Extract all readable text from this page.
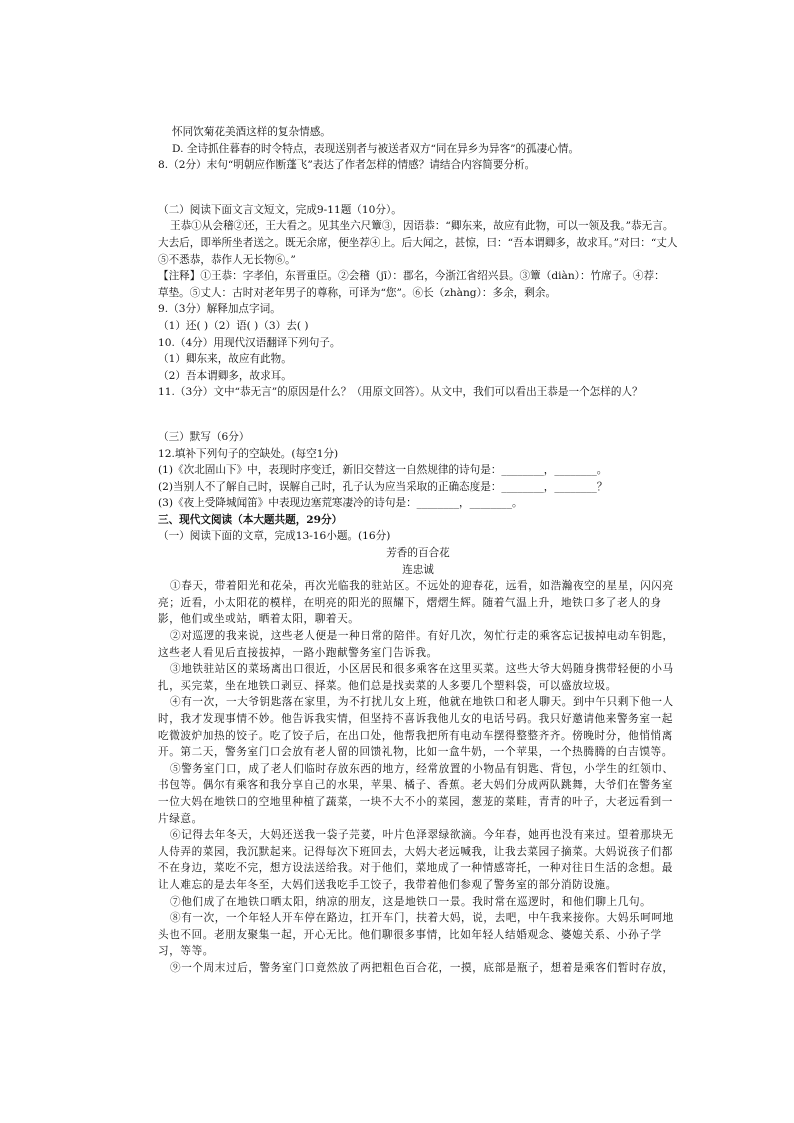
怀同饮菊花美酒这样的复杂情感。

D. 全诗抓住暮春的时令特点，表现送别者与被送者双方“同在异乡为异客”的孤凄心情。

8.（2分）末句“明朝应作断蓬飞”表达了作者怎样的情感？请结合内容简要分析。

（二）阅读下面文言文短文，完成9-11题（10分）。

王恭①从会稽②还，王大看之。见其坐六尺簟③，因语恭：“卿东来，故应有此物，可以一领及我。”恭无言。大去后，即举所坐者送之。既无余席，便坐荐④上。后大闻之，甚惊，曰：“吾本谓卿多，故求耳。”对曰：“丈人⑤不悉恭，恭作人无长物⑥。”

【注释】①王恭：字孝伯，东晋重臣。②会稽（jī）：郡名，今浙江省绍兴县。③簟（diàn）：竹席子。④荐：

草垫。⑤丈人：古时对老年男子的尊称，可译为“您”。⑥长（zhàng）：多余，剩余。

9.（3分）解释加点字词。

（1）还( )（2）语( )（3）去( )

10.（4分）用现代汉语翻译下列句子。

（1）卿东来，故应有此物。

（2）吾本谓卿多，故求耳。

11.（3分）文中“恭无言”的原因是什么？（用原文回答）。从文中，我们可以看出王恭是一个怎样的人？

（三）默写（6分）

12.填补下列句子的空缺处。(每空1分)

(1)《次北固山下》中，表现时序变迁，新旧交替这一自然规律的诗句是：________，________。

(2)当别人不了解自己时，误解自己时，孔子认为应当采取的正确态度是：________，________？

(3)《夜上受降城闻笛》中表现边塞荒寒凄冷的诗句是：________，________。

三、现代文阅读（本大题共题，29分）

（一）阅读下面的文章，完成13-16小题。(16分)

芳香的百合花

连忠诚

①春天，带着阳光和花朵，再次光临我的驻站区。不远处的迎春花，远看，如浩瀚夜空的星星，闪闪亮亮；近看，小太阳花的模样，在明亮的阳光的照耀下，熠熠生辉。随着气温上升，地铁口多了老人的身影，他们或坐或站，晒着太阳，聊着天。

②对巡逻的我来说，这些老人便是一种日常的陪伴。有好几次，匆忙行走的乘客忘记拔掉电动车钥匙，这些老人看见后直接拔掉，一路小跑献警务室门告诉我。

③地铁驻站区的菜场离出口很近，小区居民和很多乘客在这里买菜。这些大爷大妈随身携带轻便的小马扎，买完菜，坐在地铁口剥豆、择菜。他们总是找卖菜的人多要几个塑料袋，可以盛放垃圾。

④有一次，一大爷钥匙落在家里，为不打扰儿女上班，他就在地铁口和老人聊天。到中午只剩下他一人时，我才发现事情不妙。他告诉我实情，但坚持不喜诉我他儿女的电话号码。我只好邀请他来警务室一起吃微波炉加热的饺子。吃了饺子后，在出口处，他帮我把所有电动车摆得整整齐齐。傍晚时分，他悄悄离开。第二天，警务室门口会放有老人留的回馈礼物，比如一盒牛奶，一个苹果，一个热腾腾的白吉馍等。

⑤警务室门口，成了老人们临时存放东西的地方，经常放置的小物品有钥匙、背包，小学生的红领巾、书包等。偶尔有乘客和我分享自己的水果，苹果、橘子、香蕉。老大妈们分成两队跳舞，大爷们在警务室一位大妈在地铁口的空地里种植了蔬菜，一块不大不小的菜园，葱茏的菜畦，青青的叶子，大老远看到一片绿意。

⑥记得去年冬天，大妈还送我一袋子芫荽，叶片色泽翠绿欲滴。今年春，她再也没有来过。望着那块无人侍弄的菜园，我沉默起来。记得每次下班回去，大妈大老远喊我，让我去菜园子摘菜。大妈说孩子们都不在身边，菜吃不完，想方设法送给我。对于他们，菜地成了一种情感寄托，一种对往日生活的念想。最让人难忘的是去年冬至，大妈们送我吃手工饺子，我带着他们参观了警务室的部分消防设施。

⑦他们成了在地铁口晒太阳，纳凉的朋友，这是地铁口一景。我时常在巡逻时，和他们聊上几句。

⑧有一次，一个年轻人开车停在路边，扛开车门，扶着大妈，说，去吧，中午我来接你。大妈乐呵呵地头也不回。老朋友聚集一起，开心无比。他们聊很多事情，比如年轻人结婚观念、婆媳关系、小孙子学习，等等。

⑨一个周末过后，警务室门口竟然放了两把粗色百合花，一摸，底部是瓶子，想着是乘客们暂时存放，
